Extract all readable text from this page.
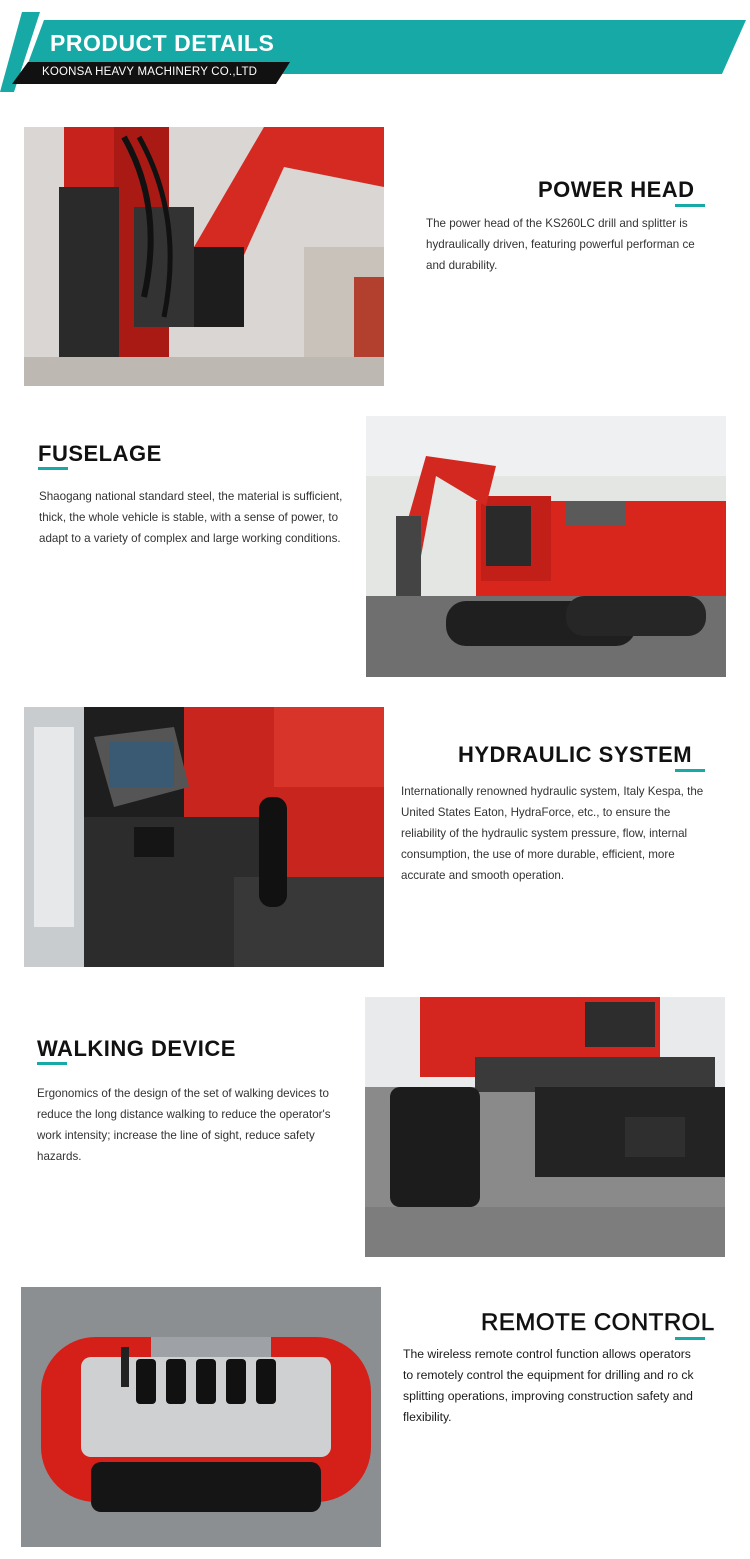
PRODUCT DETAILS
KOONSA HEAVY MACHINERY CO.,LTD
POWER HEAD
The power head of the KS260LC drill and splitter is hydraulically driven, featuring powerful performan ce and durability.
FUSELAGE
Shaogang national standard steel, the material is sufficient, thick, the whole vehicle is stable, with a sense of power, to adapt to a variety of complex and large working conditions.
HYDRAULIC SYSTEM
Internationally renowned hydraulic system, Italy Kespa, the United States Eaton, HydraForce, etc., to ensure the reliability of the hydraulic system pressure, flow, internal consumption, the use of more durable, efficient, more accurate and smooth operation.
WALKING DEVICE
Ergonomics of the design of the set of walking devices to reduce the long distance walking to reduce the operator's work intensity; increase the line of sight, reduce safety hazards.
REMOTE CONTROL
The wireless remote control function allows operators to remotely control the equipment for drilling and ro ck splitting operations, improving construction safety and flexibility.
